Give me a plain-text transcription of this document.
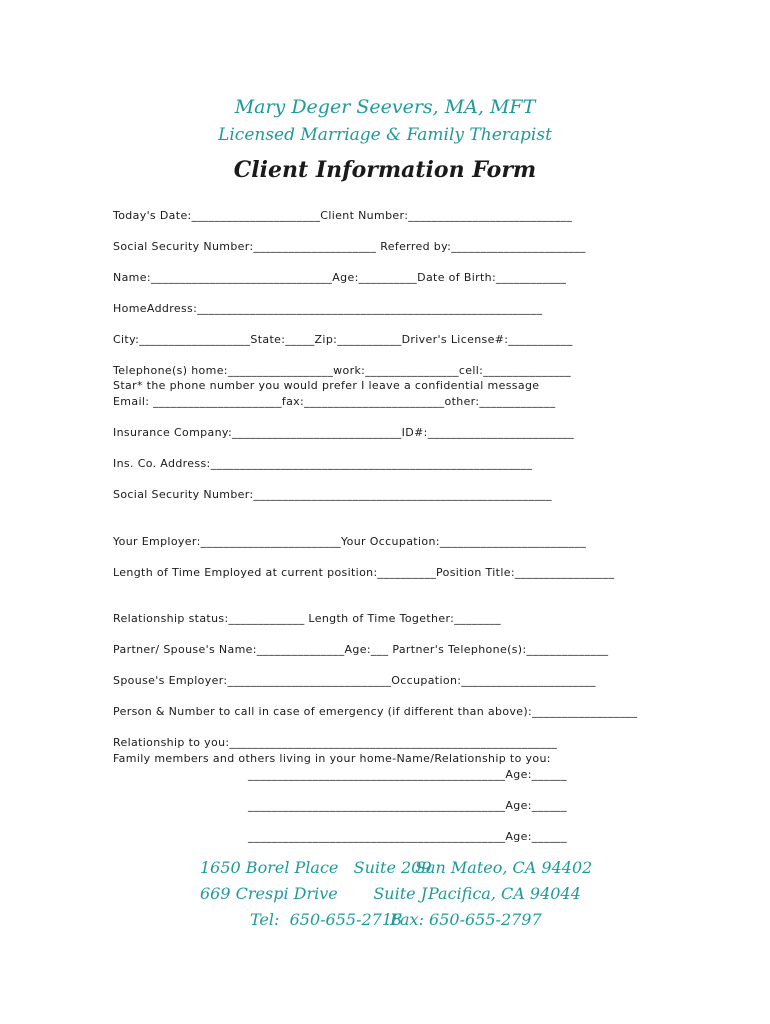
Mary Deger Seevers, MA, MFT
Licensed Marriage & Family Therapist
Client Information Form
Today's Date:______________________Client Number:____________________________
Social Security Number:_____________________ Referred by:_______________________
Name:_______________________________Age:__________Date of Birth:____________
HomeAddress:___________________________________________________________
City:___________________State:_____Zip:___________Driver's License#:___________
Telephone(s) home:__________________work:________________cell:_______________
Star* the phone number you would prefer I leave a confidential message
Email: ______________________fax:________________________other:_____________
Insurance Company:_____________________________ID#:_________________________
Ins. Co. Address:_______________________________________________________
Social Security Number:___________________________________________________
Your Employer:________________________Your Occupation:_________________________
Length of Time Employed at current position:__________Position Title:_________________
Relationship status:_____________ Length of Time Together:________
Partner/ Spouse's Name:_______________Age:___ Partner's Telephone(s):______________
Spouse's Employer:____________________________Occupation:_______________________
Person & Number to call in case of emergency (if different than above):__________________
Relationship to you:________________________________________________________
Family members and others living in your home-Name/Relationship to you:
____________________________________________Age:______
____________________________________________Age:______
____________________________________________Age:______
1650 Borel Place   Suite 209
San Mateo, CA 94402
669 Crespi Drive       Suite J Pacifica, CA 94044
Tel:  650-655-2718
Fax: 650-655-2797
